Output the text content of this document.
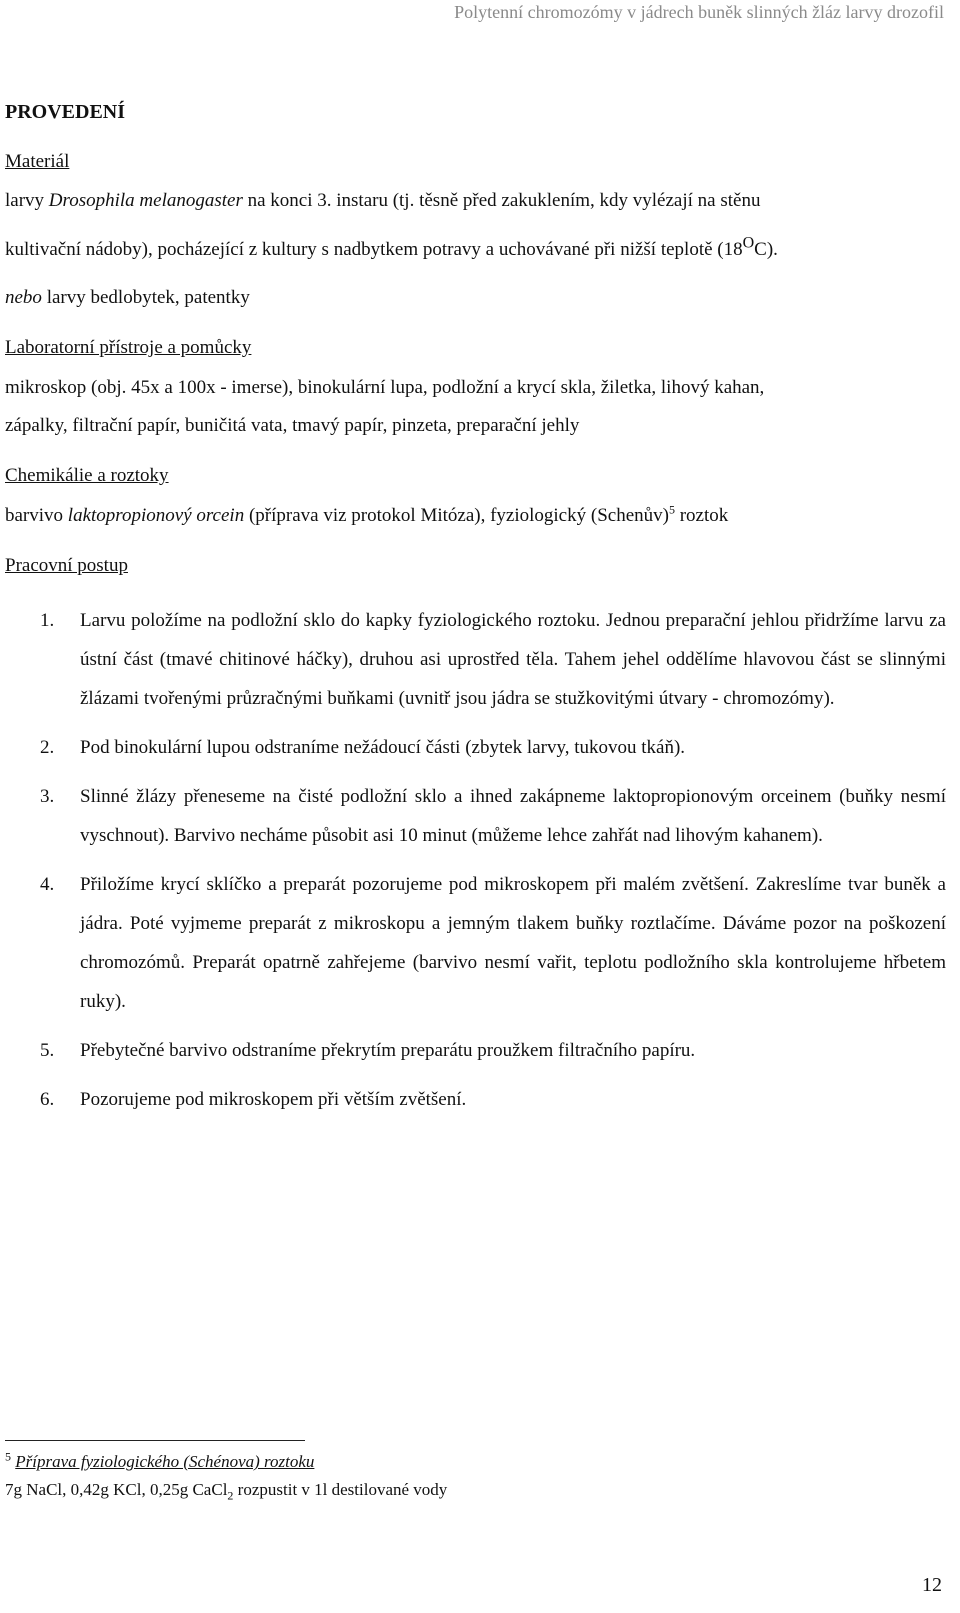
Polytenní chromozómy v jádrech buněk slinných žláz larvy drozofil
PROVEDENÍ
Materiál
larvy Drosophila melanogaster na konci 3. instaru (tj. těsně před zakuklením, kdy vylézají na stěnu
kultivační nádoby), pocházející z kultury s nadbytkem potravy a uchovávané při nižší teplotě $(18^OC)$.
nebo larvy bedlobytek, patentky
Laboratorní přístroje a pomůcky
mikroskop (obj. 45x a 100x - imerse), binokulární lupa, podložní a krycí skla, žiletka, lihový kahan,
zápalky, filtrační papír, buničitá vata, tmavý papír, pinzeta, preparační jehly
Chemikálie a roztoky
barvivo laktopropionový orcein (příprava viz protokol Mitóza), fyziologický (Schenův)$^5$ roztok
Pracovní postup
1. Larvu položíme na podložní sklo do kapky fyziologického roztoku. Jednou preparační jehlou přidržíme larvu za ústní část (tmavé chitinové háčky), druhou asi uprostřed těla. Tahem jehel oddělíme hlavovou část se slinnými žlázami tvořenými průzračnými buňkami (uvnitř jsou jádra se stužkovitými útvary - chromozómy).
2. Pod binokulární lupou odstraníme nežádoucí části (zbytek larvy, tukovou tkáň).
3. Slinné žlázy přeneseme na čisté podložní sklo a ihned zakápneme laktopropionovým orceinem (buňky nesmí vyschnout). Barvivo necháme působit asi 10 minut (můžeme lehce zahřát nad lihovým kahanem).
4. Přiložíme krycí sklíčko a preparát pozorujeme pod mikroskopem při malém zvětšení. Zakreslíme tvar buněk a jádra. Poté vyjmeme preparát z mikroskopu a jemným tlakem buňky roztlačíme. Dáváme pozor na poškození chromozómů. Preparát opatrně zahřejeme (barvivo nesmí vařit, teplotu podložního skla kontrolujeme hřbetem ruky).
5. Přebytečné barvivo odstraníme překrytím preparátu proužkem filtračního papíru.
6. Pozorujeme pod mikroskopem při větším zvětšení.
$^5$ Příprava fyziologického (Schénova) roztoku
7g NaCl, 0,42g KCl, 0,25g CaCl$_2$ rozpustit v 1l destilované vody
12
